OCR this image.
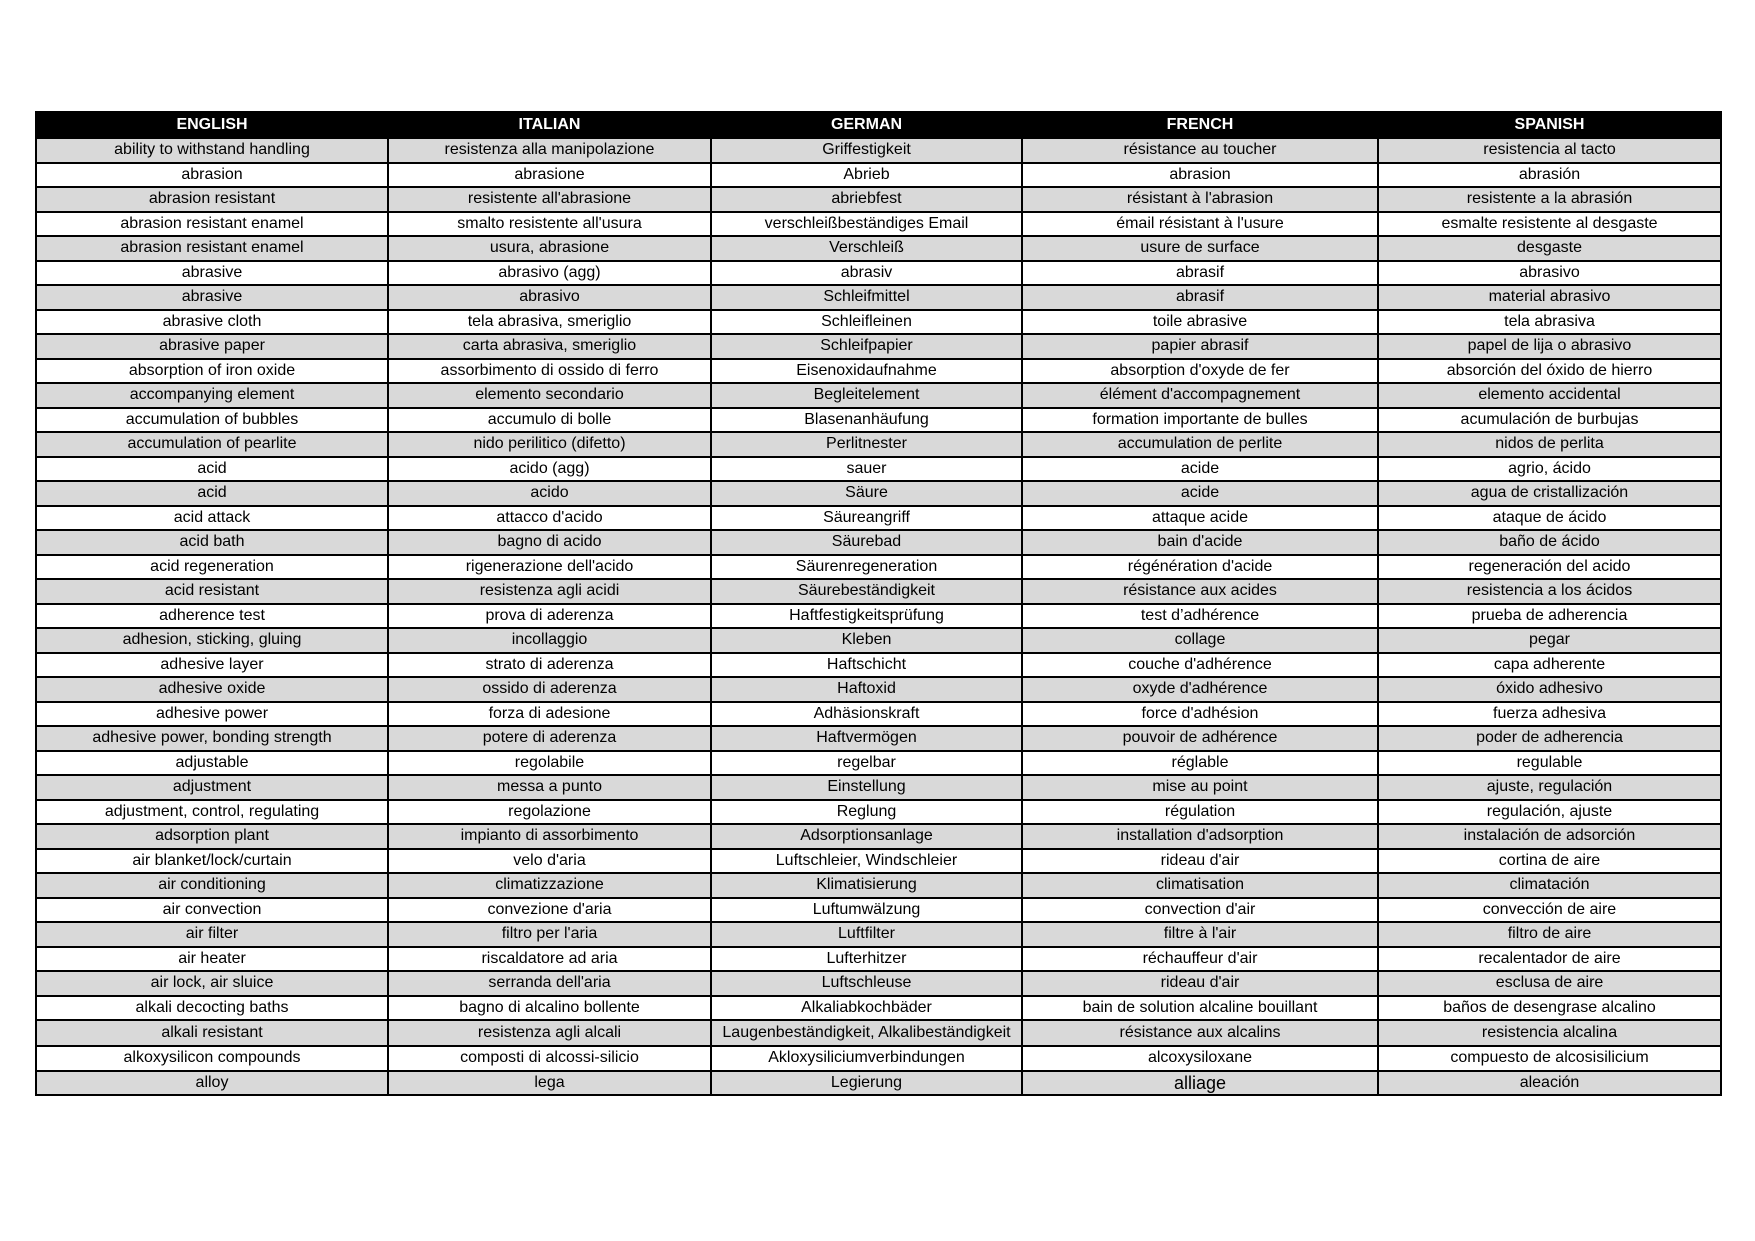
ENGLISH	ITALIAN	GERMAN	FRENCH	SPANISH
ability to withstand handling	resistenza alla manipolazione	Griffestigkeit	résistance au toucher	resistencia al tacto
abrasion	abrasione	Abrieb	abrasion	abrasión
abrasion resistant	resistente all'abrasione	abriebfest	résistant à l'abrasion	resistente a la abrasión
abrasion resistant enamel	smalto resistente all'usura	verschleißbeständiges Email	émail résistant à l'usure	esmalte resistente al desgaste
abrasion resistant enamel	usura, abrasione	Verschleiß	usure de surface	desgaste
abrasive	abrasivo (agg)	abrasiv	abrasif	abrasivo
abrasive	abrasivo	Schleifmittel	abrasif	material abrasivo
abrasive cloth	tela abrasiva, smeriglio	Schleifleinen	toile abrasive	tela abrasiva
abrasive paper	carta abrasiva, smeriglio	Schleifpapier	papier abrasif	papel de lija o abrasivo
absorption of iron oxide	assorbimento di ossido di ferro	Eisenoxidaufnahme	absorption d'oxyde de fer	absorción del óxido de hierro
accompanying element	elemento secondario	Begleitelement	élément d'accompagnement	elemento accidental
accumulation of bubbles	accumulo di bolle	Blasenanhäufung	formation importante de bulles	acumulación de burbujas
accumulation of pearlite	nido perilitico (difetto)	Perlitnester	accumulation de perlite	nidos de perlita
acid	acido (agg)	sauer	acide	agrio, ácido
acid	acido	Säure	acide	agua de cristallización
acid attack	attacco d'acido	Säureangriff	attaque acide	ataque de ácido
acid bath	bagno di acido	Säurebad	bain d'acide	baño de ácido
acid regeneration	rigenerazione dell'acido	Säurenregeneration	régénération d'acide	regeneración del acido
acid resistant	resistenza agli acidi	Säurebeständigkeit	résistance aux acides	resistencia a los ácidos
adherence test	prova di aderenza	Haftfestigkeitsprüfung	test d’adhérence	prueba de adherencia
adhesion, sticking, gluing	incollaggio	Kleben	collage	pegar
adhesive layer	strato di aderenza	Haftschicht	couche d'adhérence	capa adherente
adhesive oxide	ossido di aderenza	Haftoxid	oxyde d'adhérence	óxido adhesivo
adhesive power	forza di adesione	Adhäsionskraft	force d'adhésion	fuerza adhesiva
adhesive power, bonding strength	potere di aderenza	Haftvermögen	pouvoir de adhérence	poder de adherencia
adjustable	regolabile	regelbar	réglable	regulable
adjustment	messa a punto	Einstellung	mise au point	ajuste, regulación
adjustment, control, regulating	regolazione	Reglung	régulation	regulación, ajuste
adsorption plant	impianto di assorbimento	Adsorptionsanlage	installation d'adsorption	instalación de adsorción
air blanket/lock/curtain	velo d'aria	Luftschleier, Windschleier	rideau d'air	cortina de aire
air conditioning	climatizzazione	Klimatisierung	climatisation	climatación
air convection	convezione d'aria	Luftumwälzung	convection d'air	convección de aire
air filter	filtro per l'aria	Luftfilter	filtre à l'air	filtro de aire
air heater	riscaldatore ad aria	Lufterhitzer	réchauffeur d'air	recalentador de aire
air lock, air sluice	serranda dell'aria	Luftschleuse	rideau d'air	esclusa de aire
alkali decocting baths	bagno di alcalino bollente	Alkaliabkochbäder	bain de solution alcaline bouillant	baños de desengrase alcalino
alkali resistant	resistenza agli alcali	Laugenbeständigkeit, Alkalibeständigkeit	résistance aux alcalins	resistencia alcalina
alkoxysilicon compounds	composti di alcossi-silicio	Akloxysiliciumverbindungen	alcoxysiloxane	compuesto de alcosisilicium
alloy	lega	Legierung	alliage	aleación
